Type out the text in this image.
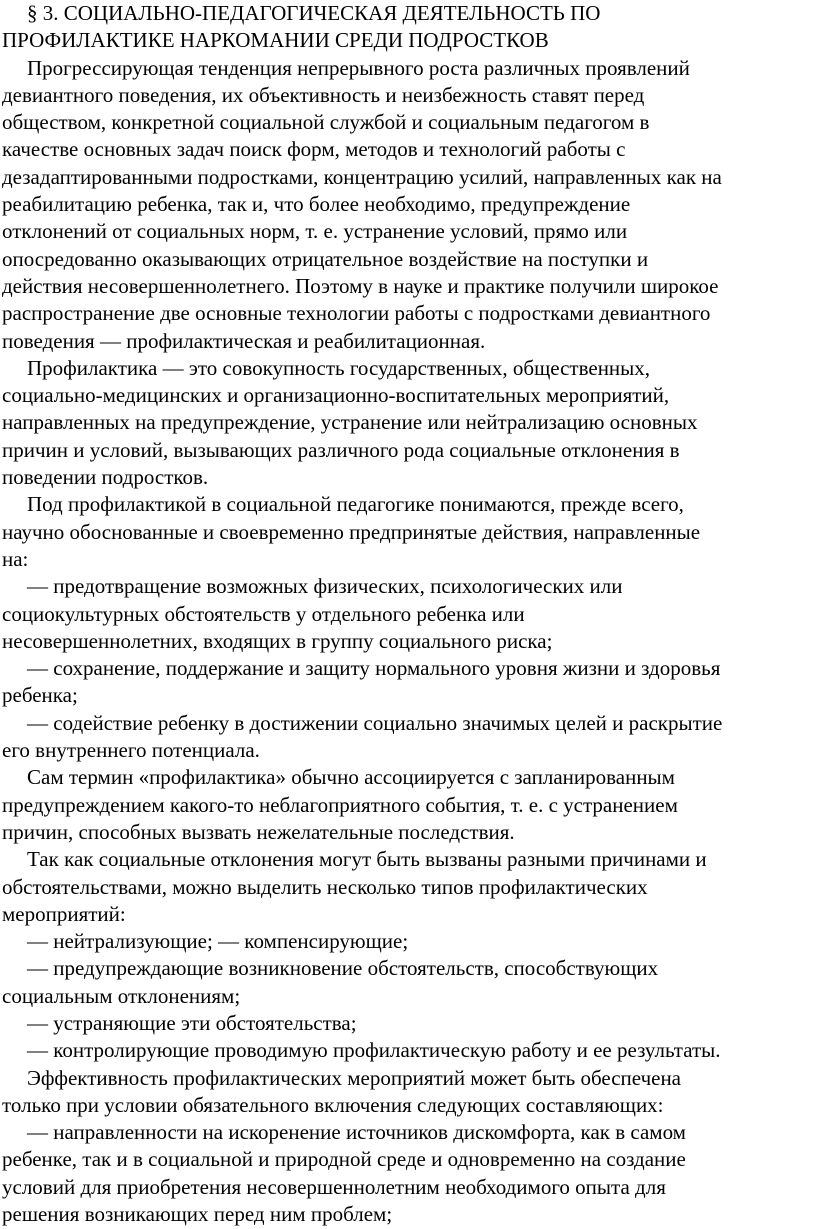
§ 3. СОЦИАЛЬНО-ПЕДАГОГИЧЕСКАЯ ДЕЯТЕЛЬНОСТЬ ПО
ПРОФИЛАКТИКЕ НАРКОМАНИИ СРЕДИ ПОДРОСТКОВ
Прогрессирующая тенденция непрерывного роста различных проявлений
девиантного поведения, их объективность и неизбежность ставят перед
обществом, конкретной социальной службой и социальным педагогом в
качестве основных задач поиск форм, методов и технологий работы с
дезадаптированными подростками, концентрацию усилий, направленных как на
реабилитацию ребенка, так и, что более необходимо, предупреждение
отклонений от социальных норм, т. е. устранение условий, прямо или
опосредованно оказывающих отрицательное воздействие на поступки и
действия несовершеннолетнего. Поэтому в науке и практике получили широкое
распространение две основные технологии работы с подростками девиантного
поведения — профилактическая и реабилитационная.
Профилактика — это совокупность государственных, общественных,
социально-медицинских и организационно-воспитательных мероприятий,
направленных на предупреждение, устранение или нейтрализацию основных
причин и условий, вызывающих различного рода социальные отклонения в
поведении подростков.
Под профилактикой в социальной педагогике понимаются, прежде всего,
научно обоснованные и своевременно предпринятые действия, направленные
на:
— предотвращение возможных физических, психологических или
социокультурных обстоятельств у отдельного ребенка или
несовершеннолетних, входящих в группу социального риска;
— сохранение, поддержание и защиту нормального уровня жизни и здоровья
ребенка;
— содействие ребенку в достижении социально значимых целей и раскрытие
его внутреннего потенциала.
Сам термин «профилактика» обычно ассоциируется с запланированным
предупреждением какого-то неблагоприятного события, т. е. с устранением
причин, способных вызвать нежелательные последствия.
Так как социальные отклонения могут быть вызваны разными причинами и
обстоятельствами, можно выделить несколько типов профилактических
мероприятий:
— нейтрализующие; — компенсирующие;
— предупреждающие возникновение обстоятельств, способствующих
социальным отклонениям;
— устраняющие эти обстоятельства;
— контролирующие проводимую профилактическую работу и ее результаты.
Эффективность профилактических мероприятий может быть обеспечена
только при условии обязательного включения следующих составляющих:
— направленности на искоренение источников дискомфорта, как в самом
ребенке, так и в социальной и природной среде и одновременно на создание
условий для приобретения несовершеннолетним необходимого опыта для
решения возникающих перед ним проблем;
